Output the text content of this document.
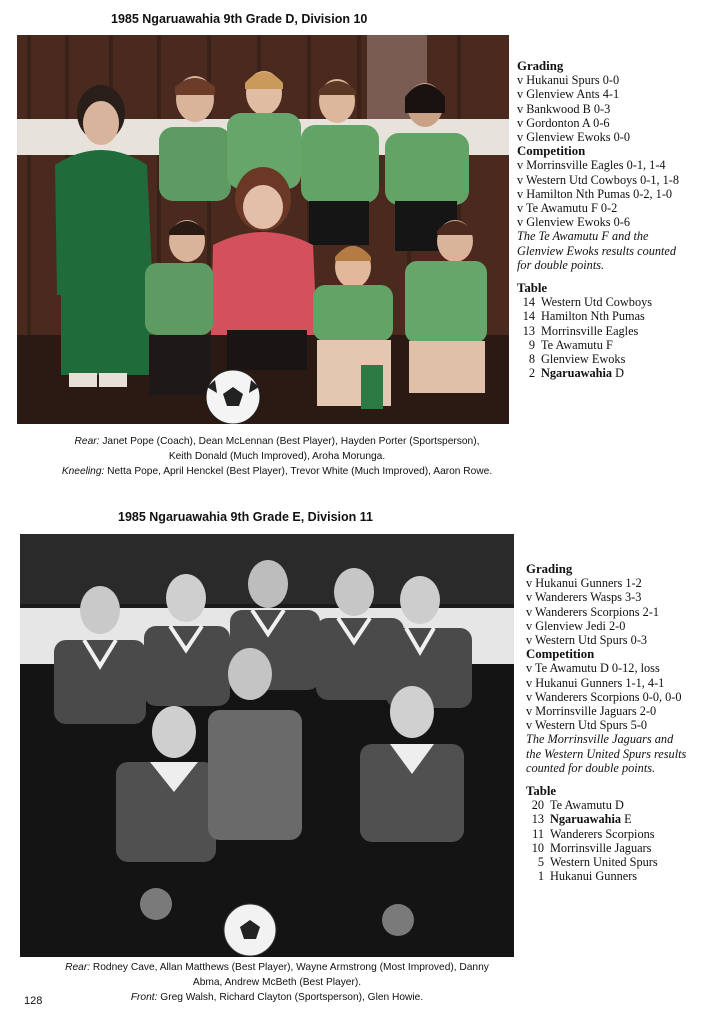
1985 Ngaruawahia 9th Grade D, Division 10
Grading
v Hukanui Spurs 0-0
v Glenview Ants 4-1
v Bankwood B 0-3
v Gordonton A 0-6
v Glenview Ewoks 0-0
Competition
v Morrinsville Eagles 0-1, 1-4
v Western Utd Cowboys 0-1, 1-8
v Hamilton Nth Pumas 0-2, 1-0
v Te Awamutu F 0-2
v Glenview Ewoks 0-6
The Te Awamutu F and the
Glenview Ewoks results counted
for double points.
Table
14 Western Utd Cowboys
14 Hamilton Nth Pumas
13 Morrinsville Eagles
9 Te Awamutu F
8 Glenview Ewoks
2 Ngaruawahia D
Rear: Janet Pope (Coach), Dean McLennan (Best Player), Hayden Porter (Sportsperson),
Keith Donald (Much Improved), Aroha Morunga.
Kneeling: Netta Pope, April Henckel (Best Player), Trevor White (Much Improved), Aaron Rowe.
1985 Ngaruawahia 9th Grade E, Division 11
Grading
v Hukanui Gunners 1-2
v Wanderers Wasps 3-3
v Wanderers Scorpions 2-1
v Glenview Jedi 2-0
v Western Utd Spurs 0-3
Competition
v Te Awamutu D 0-12, loss
v Hukanui Gunners 1-1, 4-1
v Wanderers Scorpions 0-0, 0-0
v Morrinsville Jaguars 2-0
v Western Utd Spurs 5-0
The Morrinsville Jaguars and
the Western United Spurs results
counted for double points.
Table
20 Te Awamutu D
13 Ngaruawahia E
11 Wanderers Scorpions
10 Morrinsville Jaguars
5 Western United Spurs
1 Hukanui Gunners
Rear: Rodney Cave, Allan Matthews (Best Player), Wayne Armstrong (Most Improved), Danny
Abma, Andrew McBeth (Best Player).
Front: Greg Walsh, Richard Clayton (Sportsperson), Glen Howie.
128
